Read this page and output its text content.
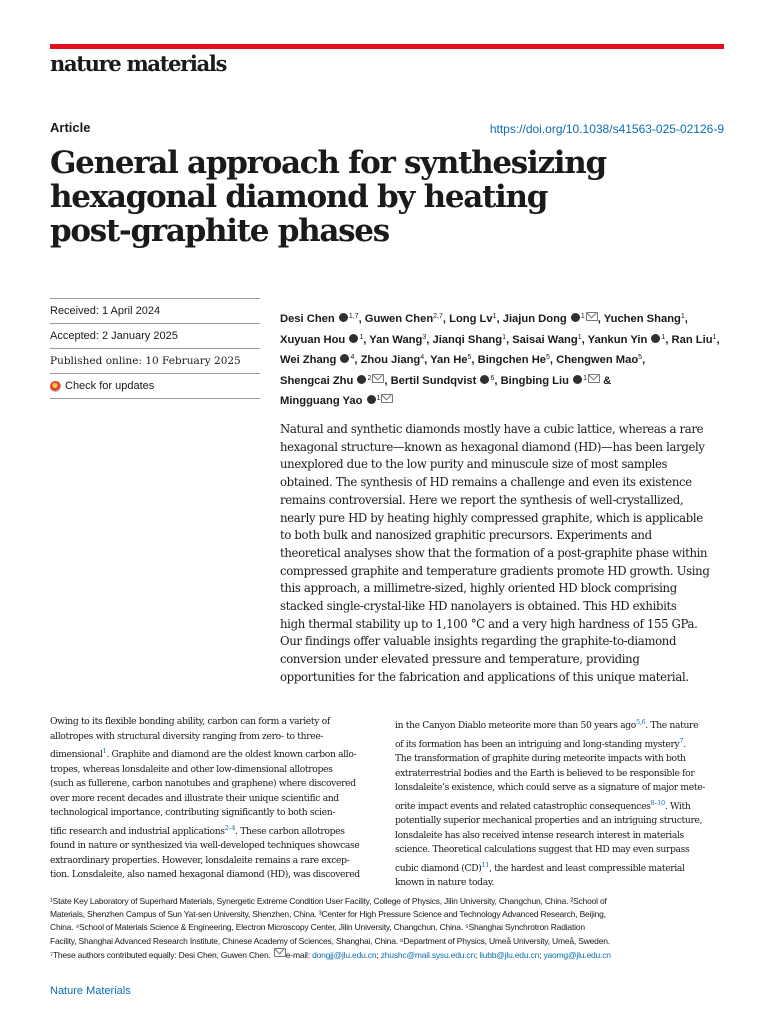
nature materials
Article	https://doi.org/10.1038/s41563-025-02126-9
General approach for synthesizing
hexagonal diamond by heating
post-graphite phases
Received: 1 April 2024
Accepted: 2 January 2025
Published online: 10 February 2025
Check for updates
Desi Chen $^{1,7}$, Guwen Chen$^{2,7}$, Long Lv$^1$, Jiajun Dong $^1$ , Yuchen Shang$^1$,
Xuyuan Hou $^1$, Yan Wang$^3$, Jianqi Shang$^1$, Saisai Wang$^1$, Yankun Yin $^1$, Ran Liu$^1$,
Wei Zhang $^4$, Zhou Jiang$^4$, Yan He$^5$, Bingchen He$^5$, Chengwen Mao$^5$,
Shengcai Zhu $^2$ , Bertil Sundqvist $^6$, Bingbing Liu $^1$ &
Mingguang Yao $^1$
Natural and synthetic diamonds mostly have a cubic lattice, whereas a rare
hexagonal structure—known as hexagonal diamond (HD)—has been largely
unexplored due to the low purity and minuscule size of most samples
obtained. The synthesis of HD remains a challenge and even its existence
remains controversial. Here we report the synthesis of well-crystallized,
nearly pure HD by heating highly compressed graphite, which is applicable
to both bulk and nanosized graphitic precursors. Experiments and
theoretical analyses show that the formation of a post-graphite phase within
compressed graphite and temperature gradients promote HD growth. Using
this approach, a millimetre-sized, highly oriented HD block comprising
stacked single-crystal-like HD nanolayers is obtained. This HD exhibits
high thermal stability up to 1,100 °C and a very high hardness of 155 GPa.
Our findings offer valuable insights regarding the graphite-to-diamond
conversion under elevated pressure and temperature, providing
opportunities for the fabrication and applications of this unique material.
Owing to its flexible bonding ability, carbon can form a variety of
allotropes with structural diversity ranging from zero- to three-
dimensional$^1$. Graphite and diamond are the oldest known carbon allo-
tropes, whereas lonsdaleite and other low-dimensional allotropes
(such as fullerene, carbon nanotubes and graphene) where discovered
over more recent decades and illustrate their unique scientific and
technological importance, contributing significantly to both scien-
tific research and industrial applications$^{2-4}$. These carbon allotropes
found in nature or synthesized via well-developed techniques showcase
extraordinary properties. However, lonsdaleite remains a rare excep-
tion. Lonsdaleite, also named hexagonal diamond (HD), was discovered
in the Canyon Diablo meteorite more than 50 years ago$^{5,6}$. The nature
of its formation has been an intriguing and long-standing mystery$^7$.
The transformation of graphite during meteorite impacts with both
extraterrestrial bodies and the Earth is believed to be responsible for
lonsdaleite’s existence, which could serve as a signature of major mete-
orite impact events and related catastrophic consequences$^{8-10}$. With
potentially superior mechanical properties and an intriguing structure,
lonsdaleite has also received intense research interest in materials
science. Theoretical calculations suggest that HD may even surpass
cubic diamond (CD)$^{11}$, the hardest and least compressible material
known in nature today.
¹State Key Laboratory of Superhard Materials, Synergetic Extreme Condition User Facility, College of Physics, Jilin University, Changchun, China. ²School of
Materials, Shenzhen Campus of Sun Yat-sen University, Shenzhen, China. ³Center for High Pressure Science and Technology Advanced Research, Beijing,
China. ⁴School of Materials Science & Engineering, Electron Microscopy Center, Jilin University, Changchun, China. ⁵Shanghai Synchrotron Radiation
Facility, Shanghai Advanced Research Institute, Chinese Academy of Sciences, Shanghai, China. ⁶Department of Physics, Umeå University, Umeå, Sweden.
⁷These authors contributed equally: Desi Chen, Guwen Chen. e-mail: dongjj@jlu.edu.cn; zhushc@mail.sysu.edu.cn; liubb@jlu.edu.cn; yaomg@jlu.edu.cn
Nature Materials
